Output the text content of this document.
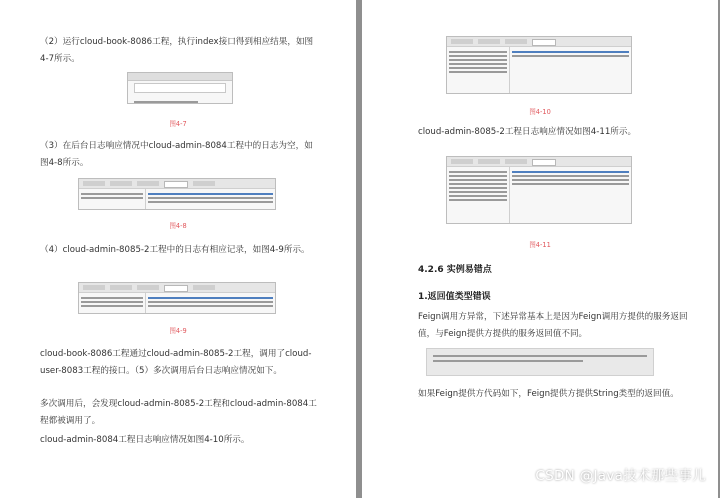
（2）运行cloud-book-8086工程，执行index接口得到相应结果，如图4-7所示。

图4-7

（3）在后台日志响应情况中cloud-admin-8084工程中的日志为空，如图4-8所示。

图4-8

（4）cloud-admin-8085-2工程中的日志有相应记录，如图4-9所示。

图4-9

cloud-book-8086工程通过cloud-admin-8085-2工程，调用了cloud-user-8083工程的接口。（5）多次调用后台日志响应情况如下。

多次调用后，会发现cloud-admin-8085-2工程和cloud-admin-8084工程都被调用了。

cloud-admin-8084工程日志响应情况如图4-10所示。

图4-10

cloud-admin-8085-2工程日志响应情况如图4-11所示。

图4-11
4.2.6 实例易错点
1.返回值类型错误

Feign调用方异常，下述异常基本上是因为Feign调用方提供的服务返回值，与Feign提供方提供的服务返回值不同。

如果Feign提供方代码如下，Feign提供方提供String类型的返回值。

CSDN @Java技术那些事儿
